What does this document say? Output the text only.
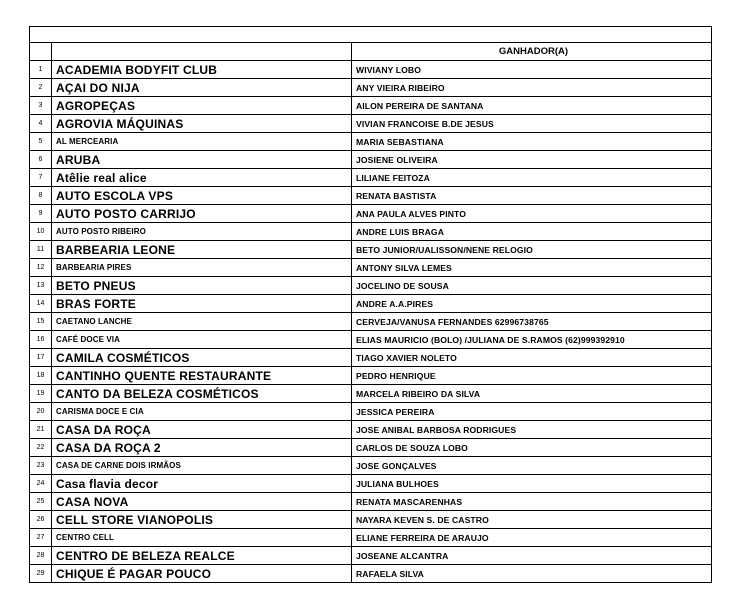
		GANHADOR(A)
1	ACADEMIA BODYFIT CLUB	WIVIANY LOBO
2	AÇAI DO NIJA	ANY VIEIRA RIBEIRO
3	AGROPEÇAS	AILON PEREIRA DE SANTANA
4	AGROVIA MÁQUINAS	VIVIAN FRANCOISE B.DE JESUS
5	AL MERCEARIA	MARIA SEBASTIANA
6	ARUBA	JOSIENE OLIVEIRA
7	Atêlie real alice	LILIANE FEITOZA
8	AUTO ESCOLA VPS	RENATA BASTISTA
9	AUTO POSTO CARRIJO	ANA PAULA ALVES PINTO
10	AUTO POSTO RIBEIRO	ANDRE LUIS BRAGA
11	BARBEARIA LEONE	BETO JUNIOR/UALISSON/NENE RELOGIO
12	BARBEARIA PIRES	ANTONY SILVA LEMES
13	BETO PNEUS	JOCELINO DE SOUSA
14	BRAS FORTE	ANDRE A.A.PIRES
15	CAETANO LANCHE	CERVEJA/VANUSA FERNANDES 62996738765
16	CAFÉ DOCE VIA	ELIAS MAURICIO (BOLO) /JULIANA DE S.RAMOS (62)999392910
17	CAMILA COSMÉTICOS	TIAGO XAVIER NOLETO
18	CANTINHO QUENTE RESTAURANTE	PEDRO HENRIQUE
19	CANTO DA BELEZA COSMÉTICOS	MARCELA RIBEIRO DA SILVA
20	CARISMA DOCE E CIA	JESSICA PEREIRA
21	CASA DA ROÇA	JOSE ANIBAL BARBOSA RODRIGUES
22	CASA DA ROÇA 2	CARLOS DE SOUZA LOBO
23	CASA DE CARNE DOIS IRMÃOS	JOSE GONÇALVES
24	Casa flavia decor	JULIANA BULHOES
25	CASA NOVA	RENATA MASCARENHAS
26	CELL STORE VIANOPOLIS	NAYARA KEVEN S. DE CASTRO
27	CENTRO CELL	ELIANE FERREIRA DE ARAUJO
28	CENTRO DE BELEZA REALCE	JOSEANE ALCANTRA
29	CHIQUE É PAGAR POUCO	RAFAELA SILVA
